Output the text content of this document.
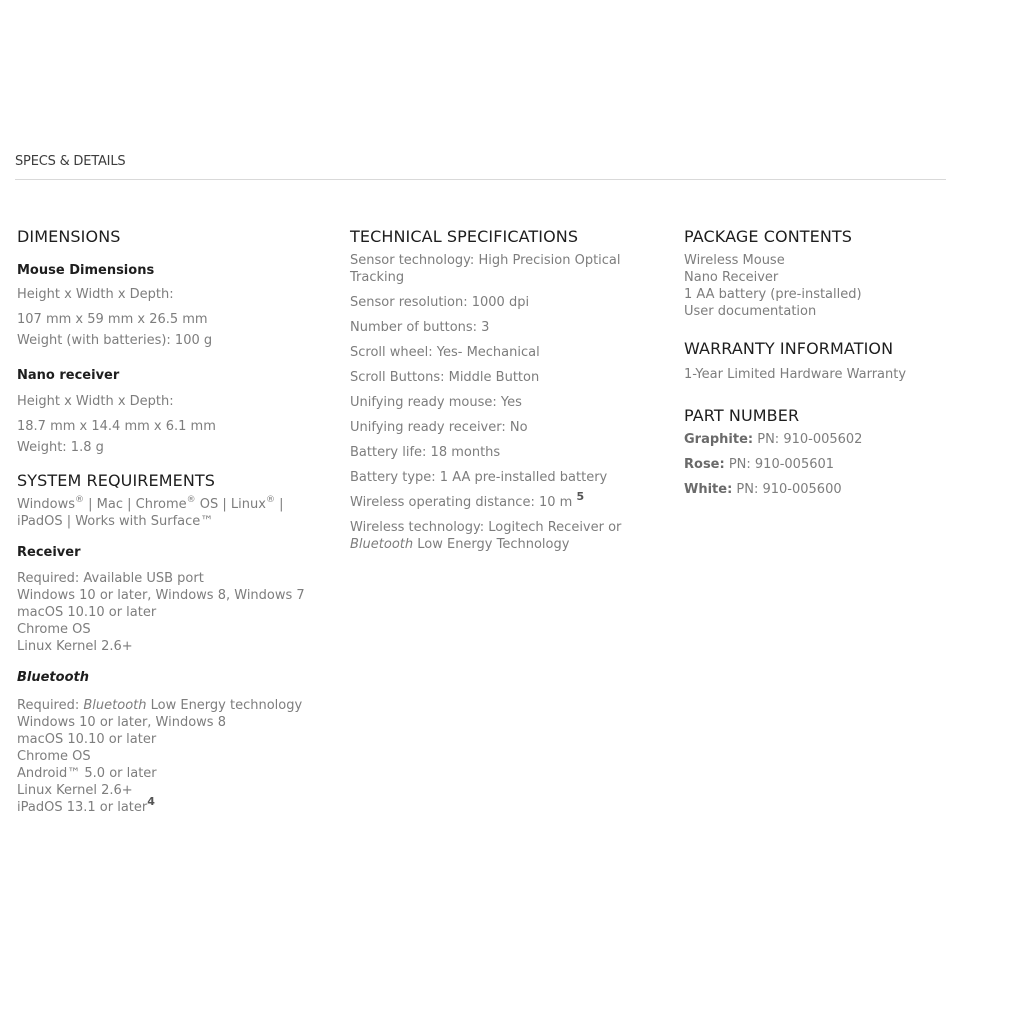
SPECS & DETAILS
DIMENSIONS
Mouse Dimensions
Height x Width x Depth:
107 mm x 59 mm x 26.5 mm
Weight (with batteries): 100 g
Nano receiver
Height x Width x Depth:
18.7 mm x 14.4 mm x 6.1 mm
Weight: 1.8 g
SYSTEM REQUIREMENTS
Windows® | Mac | Chrome® OS | Linux® |
iPadOS | Works with Surface™
Receiver
Required: Available USB port
Windows 10 or later, Windows 8, Windows 7
macOS 10.10 or later
Chrome OS
Linux Kernel 2.6+
Bluetooth
Required: Bluetooth Low Energy technology
Windows 10 or later, Windows 8
macOS 10.10 or later
Chrome OS
Android™ 5.0 or later
Linux Kernel 2.6+
iPadOS 13.1 or later$^4$
TECHNICAL SPECIFICATIONS
Sensor technology: High Precision Optical Tracking
Sensor resolution: 1000 dpi
Number of buttons: 3
Scroll wheel: Yes- Mechanical
Scroll Buttons: Middle Button
Unifying ready mouse: Yes
Unifying ready receiver: No
Battery life: 18 months
Battery type: 1 AA pre-installed battery
Wireless operating distance: 10 m $^5$
Wireless technology: Logitech Receiver or Bluetooth Low Energy Technology
PACKAGE CONTENTS
Wireless Mouse
Nano Receiver
1 AA battery (pre-installed)
User documentation
WARRANTY INFORMATION
1-Year Limited Hardware Warranty
PART NUMBER
Graphite: PN: 910-005602
Rose: PN: 910-005601
White: PN: 910-005600
